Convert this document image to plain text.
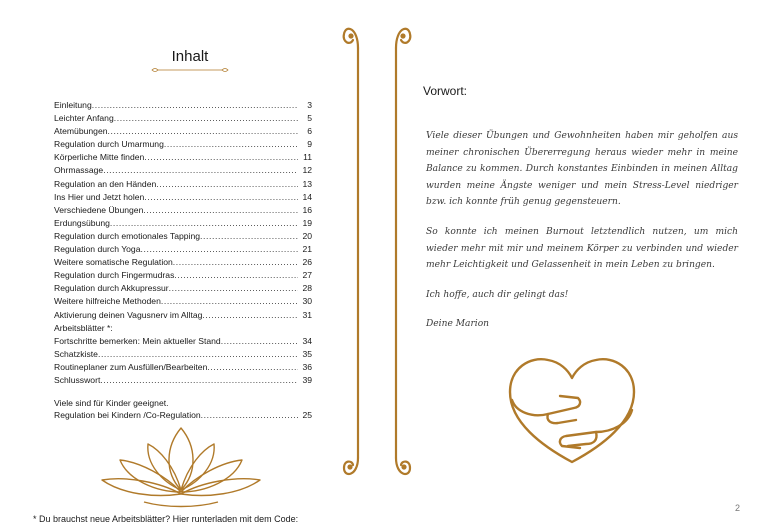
Inhalt
Einleitung .....	3
Leichter Anfang .....	5
Atemübungen .....	6
Regulation durch Umarmung .....	9
Körperliche Mitte finden .....	11
Ohrmassage .....	12
Regulation an den Händen .....	13
Ins Hier und Jetzt holen .....	14
Verschiedene Übungen .....	16
Erdungsübung .....	19
Regulation durch emotionales Tapping .....	20
Regulation durch Yoga .....	21
Weitere somatische Regulation .....	26
Regulation durch Fingermudras .....	27
Regulation durch Akkupressur .....	28
Weitere hilfreiche Methoden .....	30
Aktivierung deinen Vagusnerv im Alltag .....	31
Arbeitsblätter *:
Fortschritte bemerken: Mein aktueller Stand .....	34
Schatzkiste .....	35
Routineplaner zum Ausfüllen/Bearbeiten .....	36
Schlusswort .....	39
Viele sind für Kinder geeignet.
Regulation bei Kindern /Co-Regulation .....	25
* Du brauchst neue Arbeitsblätter? Hier runterladen mit dem Code:
Vorwort:

Viele dieser Übungen und Gewohnheiten haben mir geholfen aus meiner chronischen Übererregung heraus wieder mehr in meine Balance zu kommen. Durch konstantes Einbinden in meinen Alltag wurden meine Ängste weniger und mein Stress-Level niedriger bzw. ich konnte früh genug gegensteuern.

So konnte ich meinen Burnout letztendlich nutzen, um mich wieder mehr mit mir und meinem Körper zu verbinden und wieder mehr Leichtigkeit und Gelassenheit in mein Leben zu bringen.

Ich hoffe, auch dir gelingt das!

Deine Marion

2
